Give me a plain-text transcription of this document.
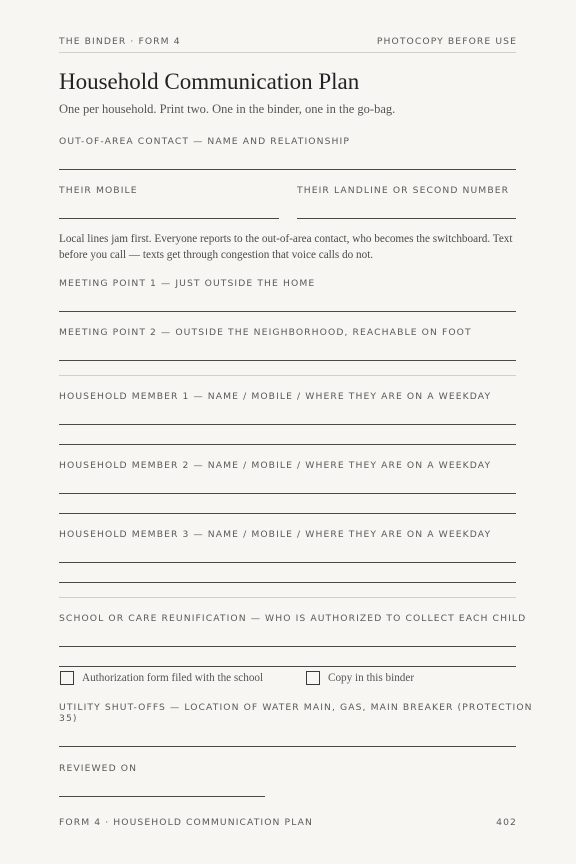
THE BINDER · FORM 4	PHOTOCOPY BEFORE USE
Household Communication Plan
One per household. Print two. One in the binder, one in the go-bag.
OUT-OF-AREA CONTACT — NAME AND RELATIONSHIP
THEIR MOBILE	THEIR LANDLINE OR SECOND NUMBER
Local lines jam first. Everyone reports to the out-of-area contact, who becomes the switchboard. Text before you call — texts get through congestion that voice calls do not.
MEETING POINT 1 — JUST OUTSIDE THE HOME
MEETING POINT 2 — OUTSIDE THE NEIGHBORHOOD, REACHABLE ON FOOT
HOUSEHOLD MEMBER 1 — NAME / MOBILE / WHERE THEY ARE ON A WEEKDAY
HOUSEHOLD MEMBER 2 — NAME / MOBILE / WHERE THEY ARE ON A WEEKDAY
HOUSEHOLD MEMBER 3 — NAME / MOBILE / WHERE THEY ARE ON A WEEKDAY
SCHOOL OR CARE REUNIFICATION — WHO IS AUTHORIZED TO COLLECT EACH CHILD
Authorization form filed with the school	Copy in this binder
UTILITY SHUT-OFFS — LOCATION OF WATER MAIN, GAS, MAIN BREAKER (PROTECTION
35)
REVIEWED ON
FORM 4 · HOUSEHOLD COMMUNICATION PLAN	402
